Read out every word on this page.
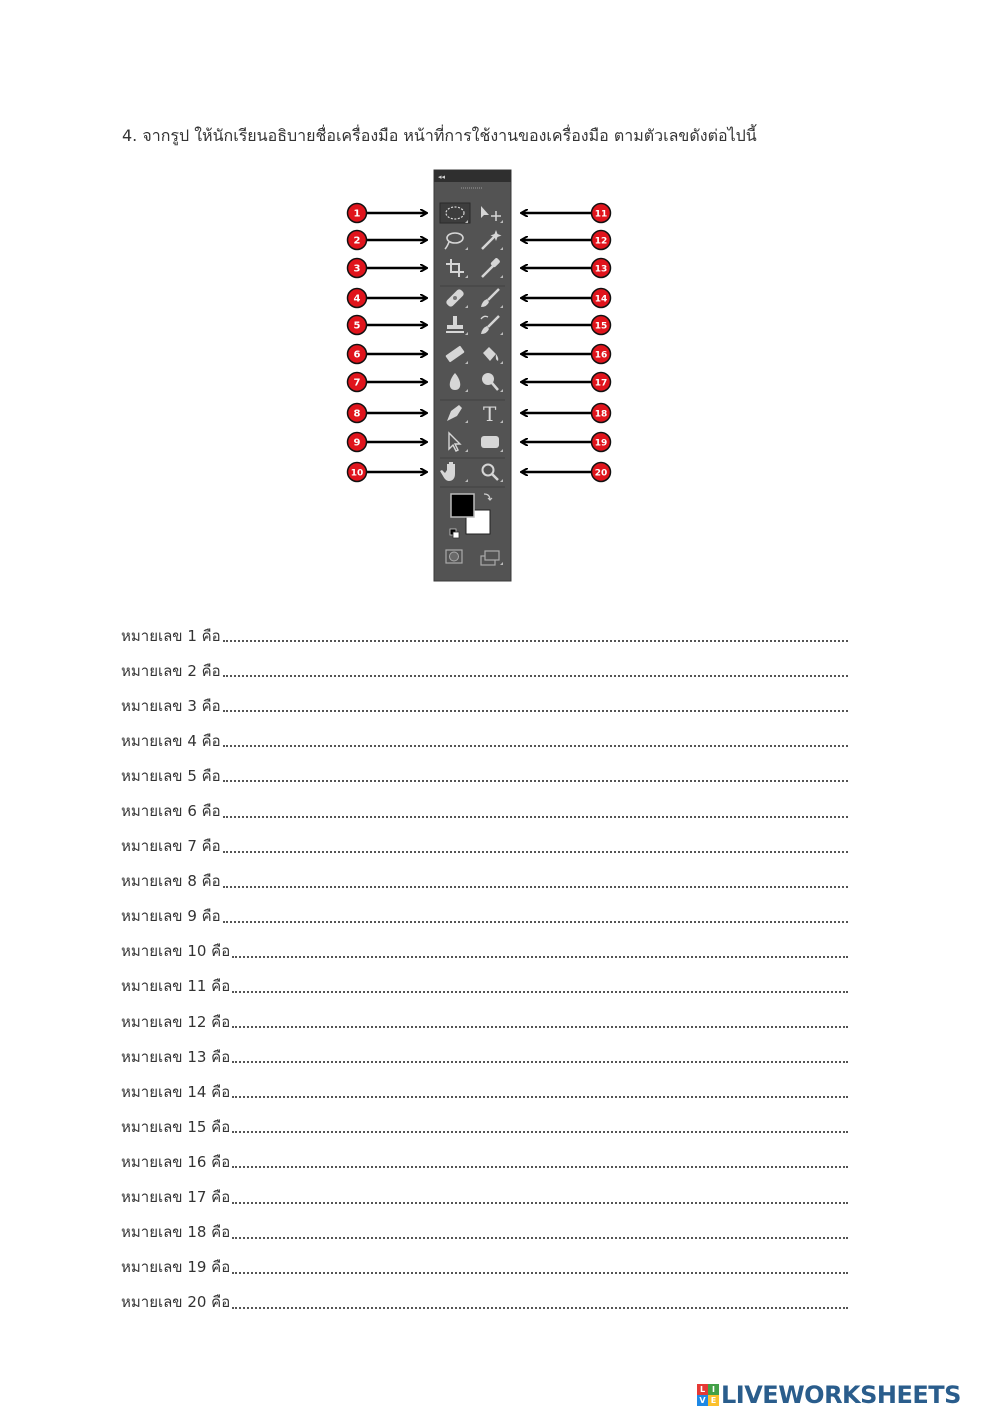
4. จากรูป ให้นักเรียนอธิบายชื่อเครื่องมือ หน้าที่การใช้งานของเครื่องมือ ตามตัวเลขดังต่อไปนี้
◂◂
T
1
2
3
4
5
6
7
8
9
10
11
12
13
14
15
16
17
18
19
20
หมายเลข 1 คือ
หมายเลข 2 คือ
หมายเลข 3 คือ
หมายเลข 4 คือ
หมายเลข 5 คือ
หมายเลข 6 คือ
หมายเลข 7 คือ
หมายเลข 8 คือ
หมายเลข 9 คือ
หมายเลข 10 คือ
หมายเลข 11 คือ
หมายเลข 12 คือ
หมายเลข 13 คือ
หมายเลข 14 คือ
หมายเลข 15 คือ
หมายเลข 16 คือ
หมายเลข 17 คือ
หมายเลข 18 คือ
หมายเลข 19 คือ
หมายเลข 20 คือ
L I
V E LIVEWORKSHEETS
